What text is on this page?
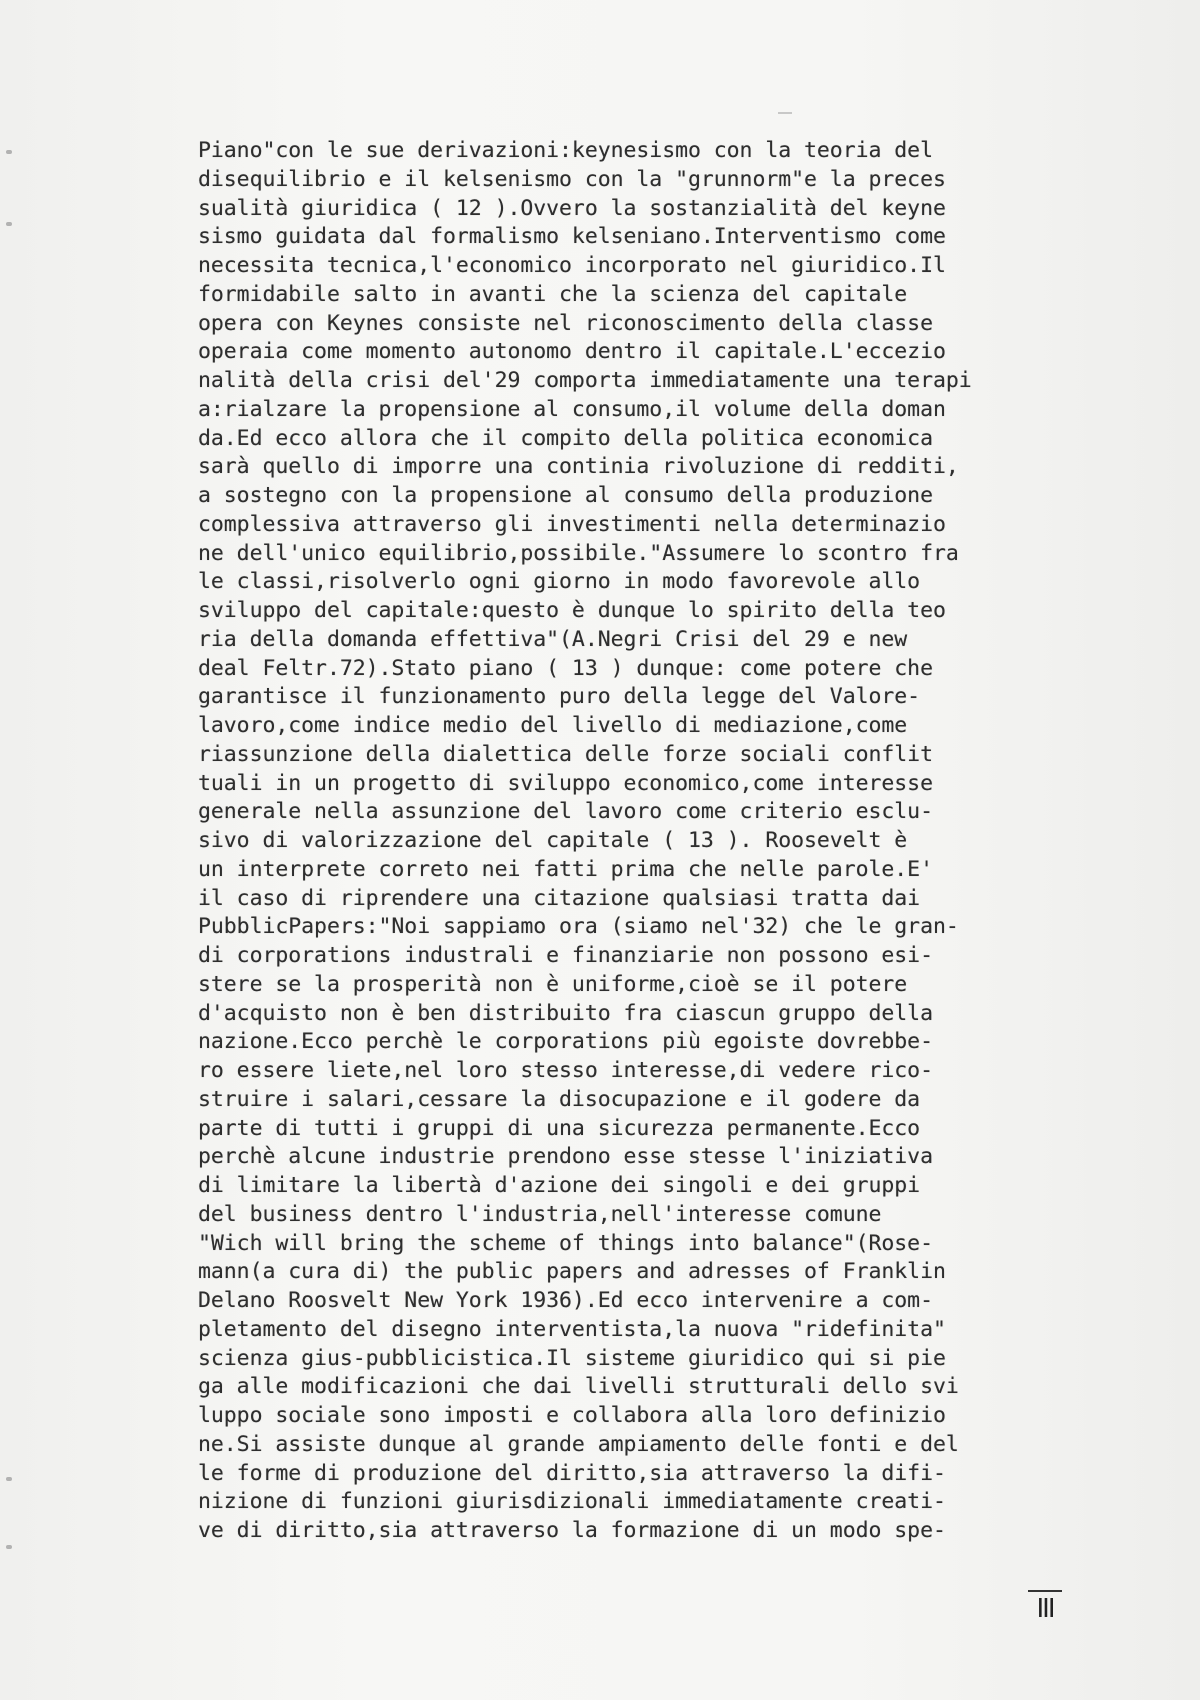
Piano"con le sue derivazioni:keynesismo con la teoria del
disequilibrio e il kelsenismo con la "grunnorm"e la preces
sualità giuridica ( 12 ).Ovvero la sostanzialità del keyne
sismo guidata dal formalismo kelseniano.Interventismo come
necessita tecnica,l'economico incorporato nel giuridico.Il
formidabile salto in avanti che la scienza del capitale
opera con Keynes consiste nel riconoscimento della classe
operaia come momento autonomo dentro il capitale.L'eccezio
nalità della crisi del'29 comporta immediatamente una terapi
a:rialzare la propensione al consumo,il volume della doman
da.Ed ecco allora che il compito della politica economica
sarà quello di imporre una continia rivoluzione di redditi,
a sostegno con la propensione al consumo della produzione
complessiva attraverso gli investimenti nella determinazio
ne dell'unico equilibrio,possibile."Assumere lo scontro fra
le classi,risolverlo ogni giorno in modo favorevole allo
sviluppo del capitale:questo è dunque lo spirito della teo
ria della domanda effettiva"(A.Negri Crisi del 29 e new
deal Feltr.72).Stato piano ( 13 ) dunque: come potere che
garantisce il funzionamento puro della legge del Valore-
lavoro,come indice medio del livello di mediazione,come
riassunzione della dialettica delle forze sociali conflit
tuali in un progetto di sviluppo economico,come interesse
generale nella assunzione del lavoro come criterio esclu-
sivo di valorizzazione del capitale ( 13 ). Roosevelt è
un interprete correto nei fatti prima che nelle parole.E'
il caso di riprendere una citazione qualsiasi tratta dai
PubblicPapers:"Noi sappiamo ora (siamo nel'32) che le gran-
di corporations industrali e finanziarie non possono esi-
stere se la prosperità non è uniforme,cioè se il potere
d'acquisto non è ben distribuito fra ciascun gruppo della
nazione.Ecco perchè le corporations più egoiste dovrebbe-
ro essere liete,nel loro stesso interesse,di vedere rico-
struire i salari,cessare la disocupazione e il godere da
parte di tutti i gruppi di una sicurezza permanente.Ecco
perchè alcune industrie prendono esse stesse l'iniziativa
di limitare la libertà d'azione dei singoli e dei gruppi
del business dentro l'industria,nell'interesse comune
"Wich will bring the scheme of things into balance"(Rose-
mann(a cura di) the public papers and adresses of Franklin
Delano Roosvelt New York 1936).Ed ecco intervenire a com-
pletamento del disegno interventista,la nuova "ridefinita"
scienza gius-pubblicistica.Il sisteme giuridico qui si pie
ga alle modificazioni che dai livelli strutturali dello svi
luppo sociale sono imposti e collabora alla loro definizio
ne.Si assiste dunque al grande ampiamento delle fonti e del
le forme di produzione del diritto,sia attraverso la difi-
nizione di funzioni giurisdizionali immediatamente creati-
ve di diritto,sia attraverso la formazione di un modo spe-
III
